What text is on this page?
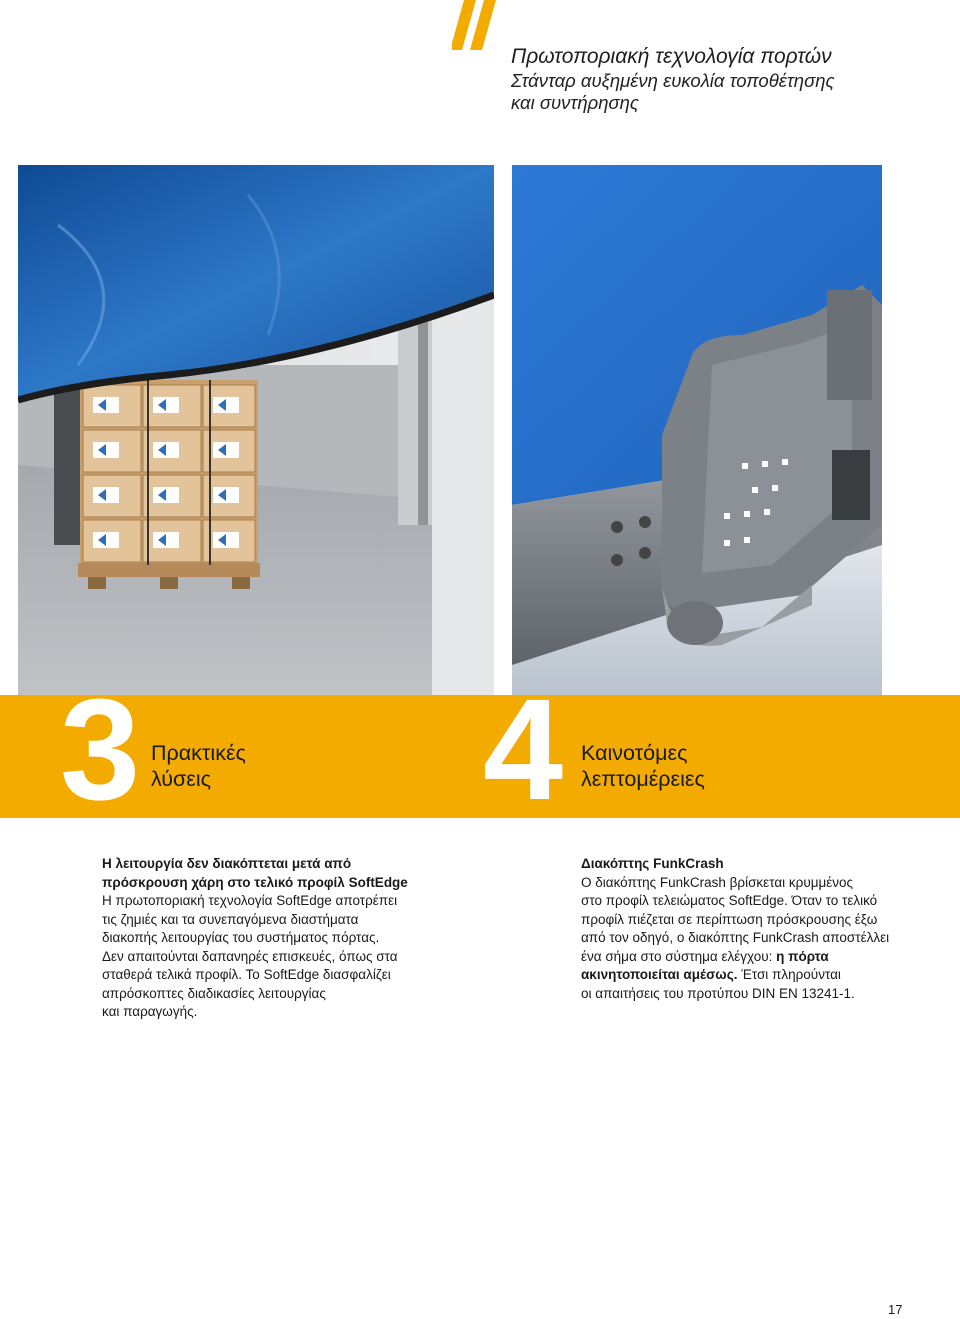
Πρωτοποριακή τεχνολογία πορτών
Στάνταρ αυξημένη ευκολία τοποθέτησης
και συντήρησης
3 4
Πρακτικές
λύσεις
Καινοτόμες
λεπτομέρειες
Η λειτουργία δεν διακόπτεται μετά από
πρόσκρουση χάρη στο τελικό προφίλ SoftEdge
Η πρωτοποριακή τεχνολογία SoftEdge αποτρέπει
τις ζημιές και τα συνεπαγόμενα διαστήματα
διακοπής λειτουργίας του συστήματος πόρτας.
Δεν απαιτούνται δαπανηρές επισκευές, όπως στα
σταθερά τελικά προφίλ. Το SoftEdge διασφαλίζει
απρόσκοπτες διαδικασίες λειτουργίας
και παραγωγής.
Διακόπτης FunkCrash
Ο διακόπτης FunkCrash βρίσκεται κρυμμένος
στο προφίλ τελειώματος SoftEdge. Όταν το τελικό
προφίλ πιέζεται σε περίπτωση πρόσκρουσης έξω
από τον οδηγό, ο διακόπτης FunkCrash αποστέλλει
ένα σήμα στο σύστημα ελέγχου: η πόρτα
ακινητοποιείται αμέσως. Έτσι πληρούνται
οι απαιτήσεις του προτύπου DIN EN 13241-1.
17
